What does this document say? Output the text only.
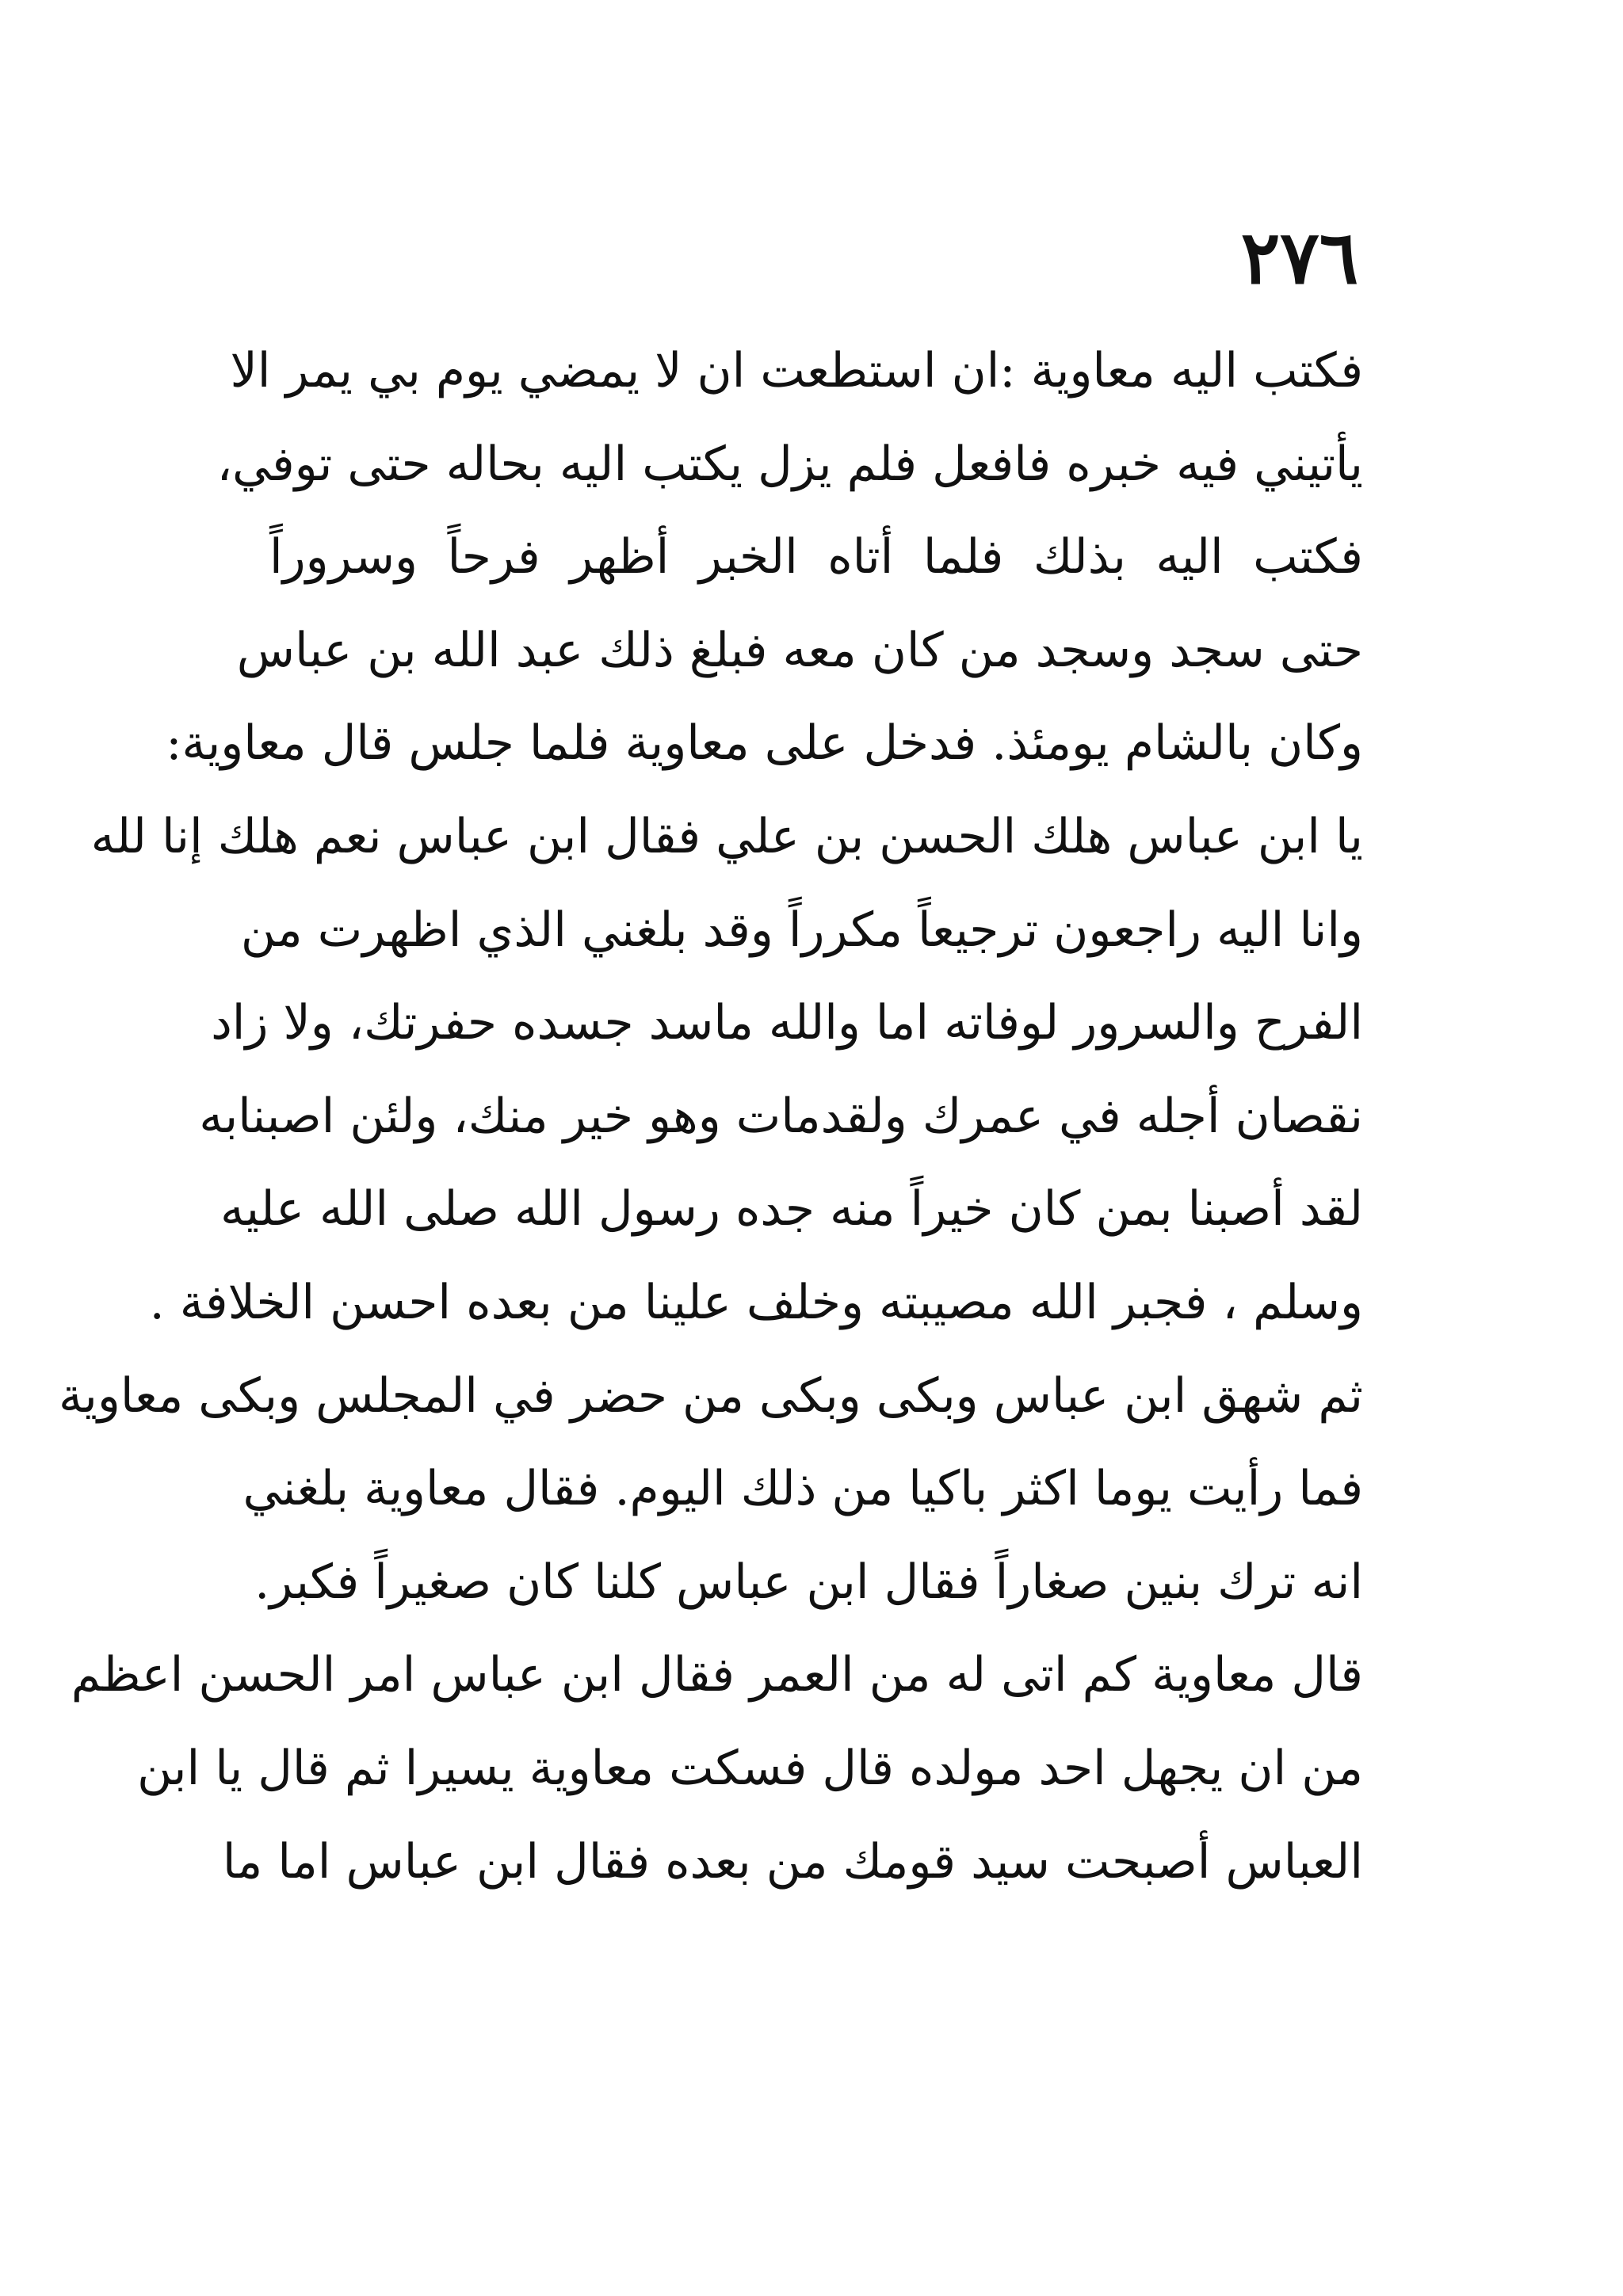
٢٧٦
فكتب اليه معاوية :ان استطعت ان لا يمضي يوم بي يمر الا
يأتيني فيه خبره فافعل فلم يزل يكتب اليه بحاله حتى توفي،
فكتب اليه بذلك فلما أتاه الخبر أظهر فرحاً وسروراً
حتى سجد وسجد من كان معه فبلغ ذلك عبد الله بن عباس
وكان بالشام يومئذ. فدخل على معاوية فلما جلس قال معاوية:
يا ابن عباس هلك الحسن بن علي فقال ابن عباس نعم هلك إنا لله
وانا اليه راجعون ترجيعاً مكرراً وقد بلغني الذي اظهرت من
الفرح والسرور لوفاته اما والله ماسد جسده حفرتك، ولا زاد
نقصان أجله في عمرك ولقدمات وهو خير منك، ولئن اصبنابه
لقد أصبنا بمن كان خيراً منه جده رسول الله صلى الله عليه
وسلم ، فجبر الله مصيبته وخلف علينا من بعده احسن الخلافة .
ثم شهق ابن عباس وبكى وبكى من حضر في المجلس وبكى معاوية
فما رأيت يوما اكثر باكيا من ذلك اليوم. فقال معاوية بلغني
انه ترك بنين صغاراً فقال ابن عباس كلنا كان صغيراً فكبر.
قال معاوية كم اتى له من العمر فقال ابن عباس امر الحسن اعظم
من ان يجهل احد مولده قال فسكت معاوية يسيرا ثم قال يا ابن
العباس أصبحت سيد قومك من بعده فقال ابن عباس اما ما
